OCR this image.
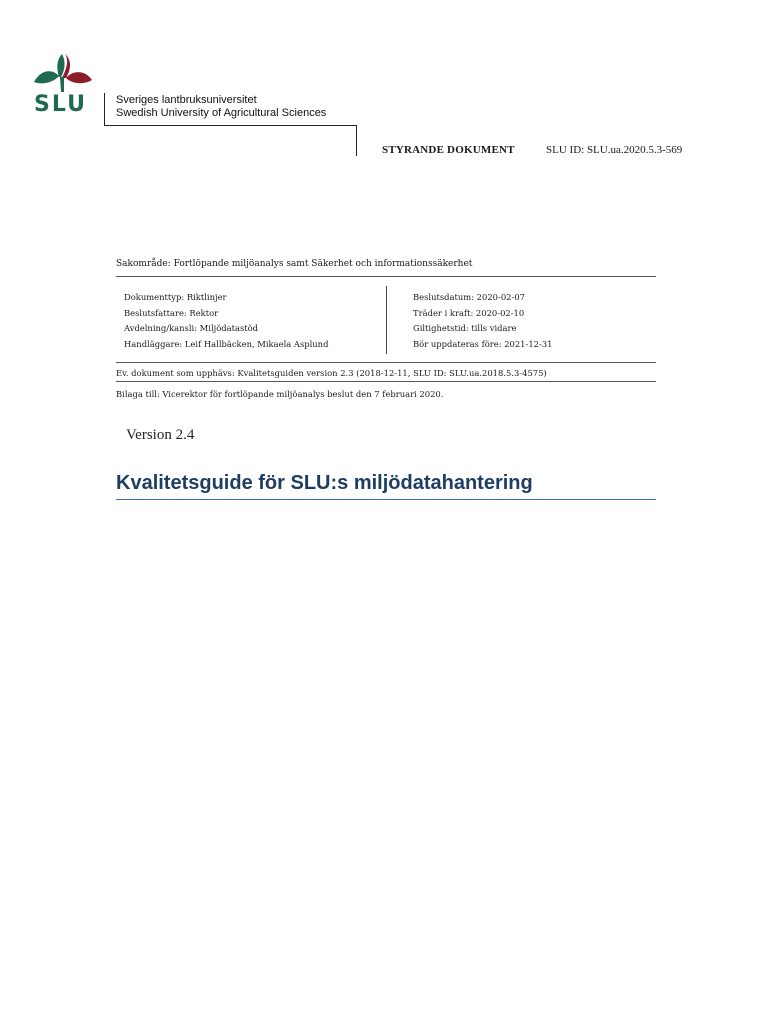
SLU	Sveriges lantbruksuniversitet
Swedish University of Agricultural Sciences
STYRANDE DOKUMENT	SLU ID: SLU.ua.2020.5.3-569
Sakområde: Fortlöpande miljöanalys samt Säkerhet och informationssäkerhet
Dokumenttyp: Riktlinjer
Beslutsfattare: Rektor
Avdelning/kansli: Miljödatastöd
Handläggare: Leif Hallbäcken, Mikaela Asplund
Beslutsdatum: 2020-02-07
Träder i kraft: 2020-02-10
Giltighetstid: tills vidare
Bör uppdateras före: 2021-12-31
Ev. dokument som upphävs: Kvalitetsguiden version 2.3 (2018-12-11, SLU ID: SLU.ua.2018.5.3-4575)
Bilaga till: Vicerektor för fortlöpande miljöanalys beslut den 7 februari 2020.
Version 2.4
Kvalitetsguide för SLU:s miljödatahantering
